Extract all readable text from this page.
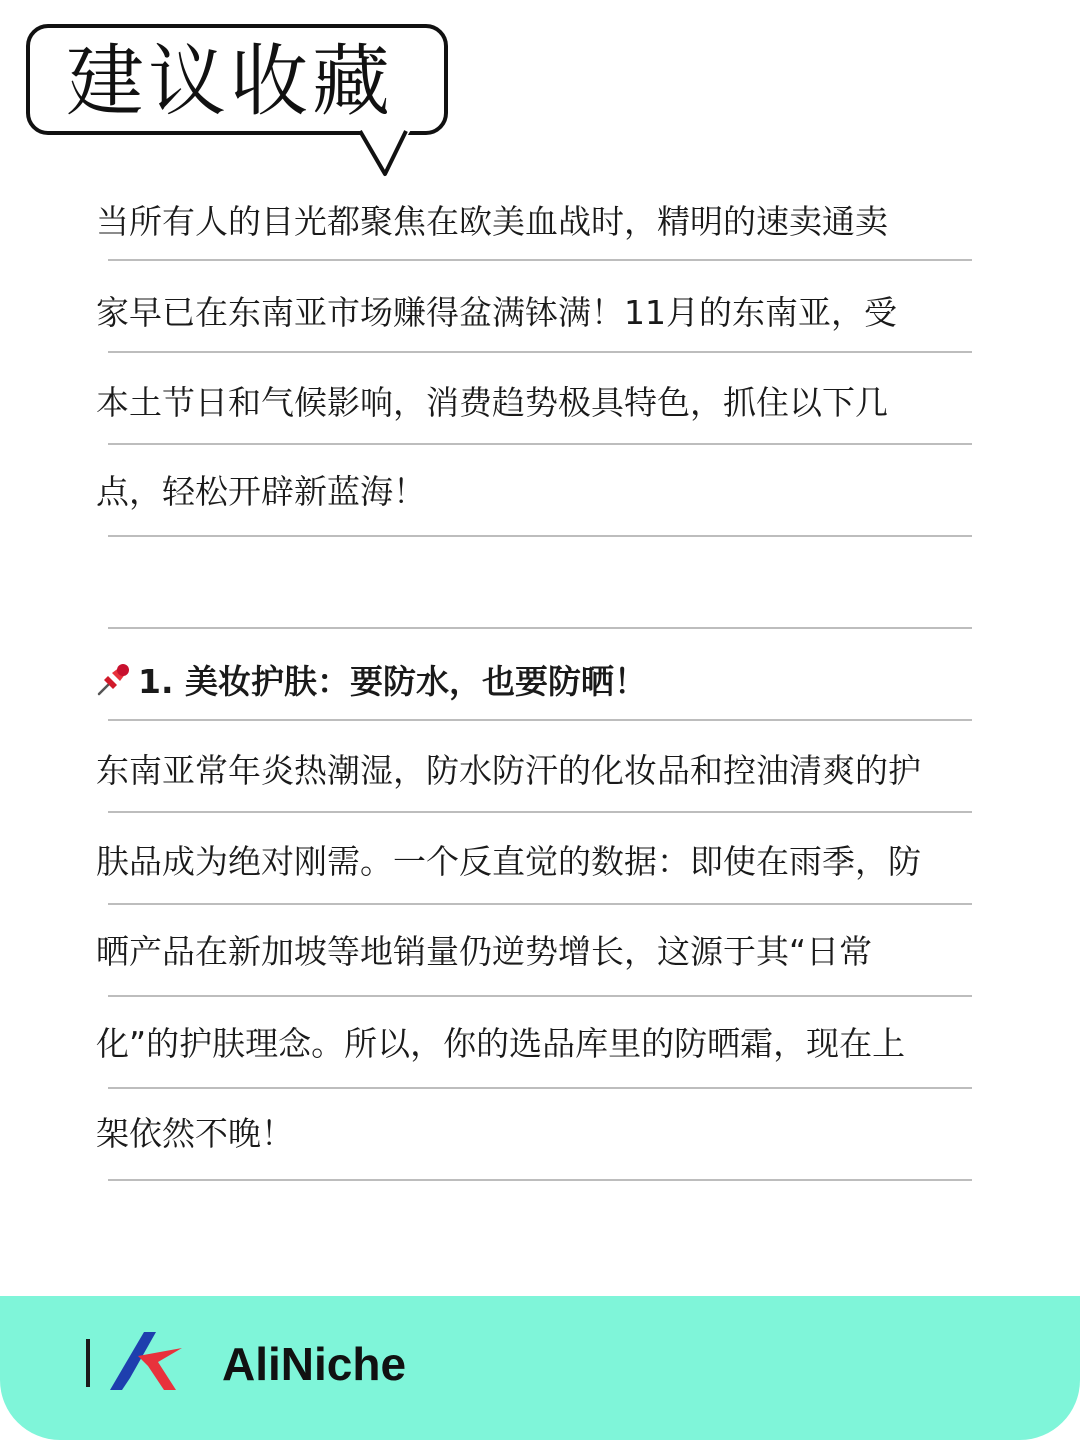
建议收藏
当所有人的目光都聚焦在欧美血战时，精明的速卖通卖
家早已在东南亚市场赚得盆满钵满！11月的东南亚，受
本土节日和气候影响，消费趋势极具特色，抓住以下几
点，轻松开辟新蓝海！
1. 美妆护肤：要防水，也要防晒！
东南亚常年炎热潮湿，防水防汗的化妆品和控油清爽的护
肤品成为绝对刚需。一个反直觉的数据：即使在雨季，防
晒产品在新加坡等地销量仍逆势增长，这源于其“日常
化”的护肤理念。所以，你的选品库里的防晒霜，现在上
架依然不晚！
AliNiche
